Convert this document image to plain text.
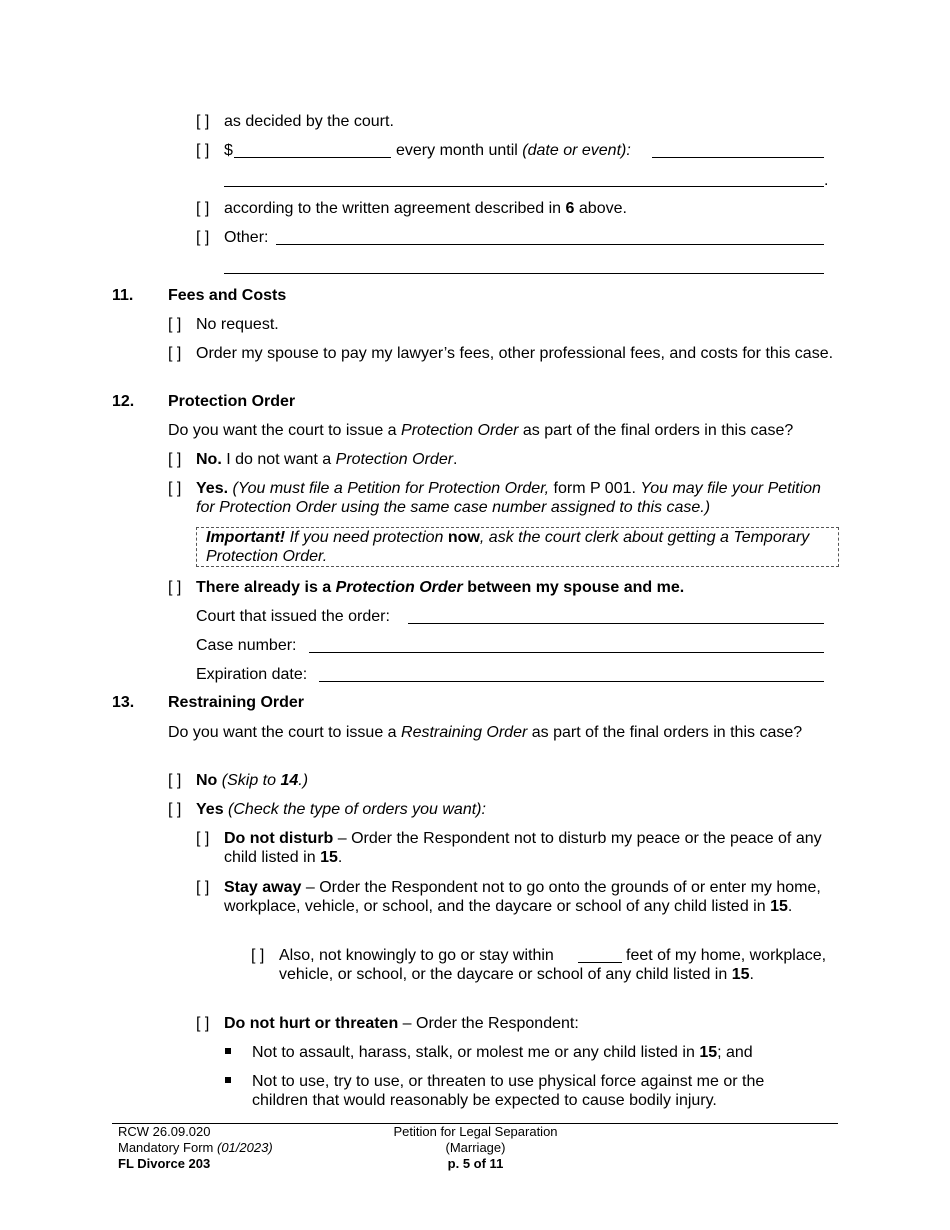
[ ] as decided by the court.
[ ] $	every month until (date or event):
.
[ ] according to the written agreement described in 6 above.
[ ] Other:
11. Fees and Costs
[ ] No request.
[ ] Order my spouse to pay my lawyer’s fees, other professional fees, and costs for this case.
12. Protection Order
Do you want the court to issue a Protection Order as part of the final orders in this case?
[ ] No. I do not want a Protection Order.
[ ] Yes. (You must file a Petition for Protection Order, form P 001. You may file your Petition for Protection Order using the same case number assigned to this case.)
Important! If you need protection now, ask the court clerk about getting a Temporary Protection Order.
[ ] There already is a Protection Order between my spouse and me.
Court that issued the order:
Case number:
Expiration date:
13. Restraining Order
Do you want the court to issue a Restraining Order as part of the final orders in this case?
[ ] No (Skip to 14.)
[ ] Yes (Check the type of orders you want):
[ ] Do not disturb – Order the Respondent not to disturb my peace or the peace of any child listed in 15.
[ ] Stay away – Order the Respondent not to go onto the grounds of or enter my home, workplace, vehicle, or school, and the daycare or school of any child listed in 15.
[ ] Also, not knowingly to go or stay within	feet of my home, workplace, vehicle, or school, or the daycare or school of any child listed in 15.
[ ] Do not hurt or threaten – Order the Respondent:
Not to assault, harass, stalk, or molest me or any child listed in 15; and
Not to use, try to use, or threaten to use physical force against me or the children that would reasonably be expected to cause bodily injury.
RCW 26.09.020
Mandatory Form (01/2023)
FL Divorce 203
Petition for Legal Separation
(Marriage)
p. 5 of 11
